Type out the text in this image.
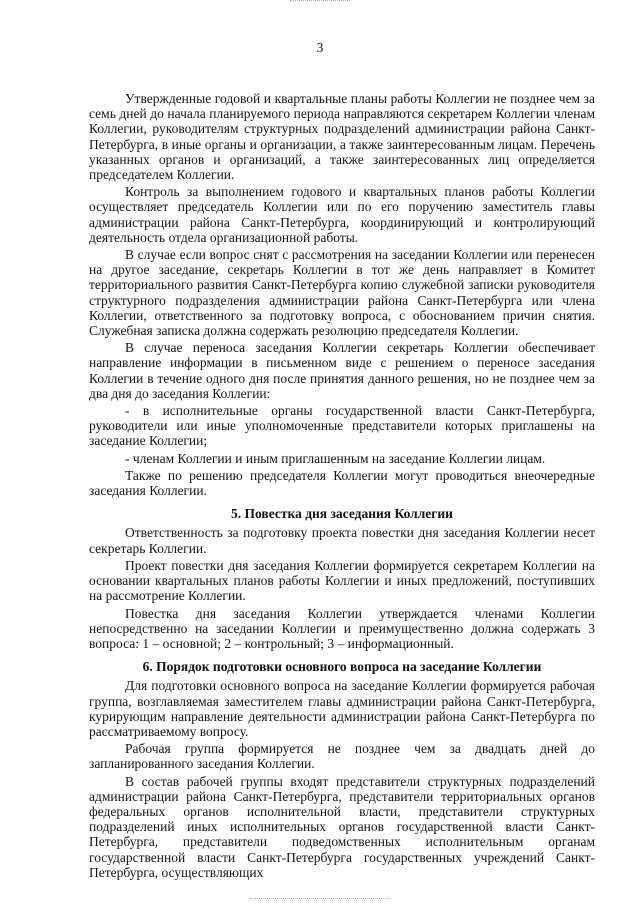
3

Утвержденные годовой и квартальные планы работы Коллегии не позднее чем за семь дней до начала планируемого периода направляются секретарем Коллегии членам Коллегии, руководителям структурных подразделений администрации района Санкт-Петербурга, в иные органы и организации, а также заинтересованным лицам. Перечень указанных органов и организаций, а также заинтересованных лиц определяется председателем Коллегии.

Контроль за выполнением годового и квартальных планов работы Коллегии осуществляет председатель Коллегии или по его поручению заместитель главы администрации района Санкт-Петербурга, координирующий и контролирующий деятельность отдела организационной работы.

В случае если вопрос снят с рассмотрения на заседании Коллегии или перенесен на другое заседание, секретарь Коллегии в тот же день направляет в Комитет территориального развития Санкт-Петербурга копию служебной записки руководителя структурного подразделения администрации района Санкт-Петербурга или члена Коллегии, ответственного за подготовку вопроса, с обоснованием причин снятия. Служебная записка должна содержать резолюцию председателя Коллегии.

В случае переноса заседания Коллегии секретарь Коллегии обеспечивает направление информации в письменном виде с решением о переносе заседания Коллегии в течение одного дня после принятия данного решения, но не позднее чем за два дня до заседания Коллегии:

- в исполнительные органы государственной власти Санкт-Петербурга, руководители или иные уполномоченные представители которых приглашены на заседание Коллегии;

- членам Коллегии и иным приглашенным на заседание Коллегии лицам.

Также по решению председателя Коллегии могут проводиться внеочередные заседания Коллегии.

5. Повестка дня заседания Коллегии

Ответственность за подготовку проекта повестки дня заседания Коллегии несет секретарь Коллегии.

Проект повестки дня заседания Коллегии формируется секретарем Коллегии на основании квартальных планов работы Коллегии и иных предложений, поступивших на рассмотрение Коллегии.

Повестка дня заседания Коллегии утверждается членами Коллегии непосредственно на заседании Коллегии и преимущественно должна содержать 3 вопроса: 1 – основной; 2 – контрольный; 3 – информационный.

6. Порядок подготовки основного вопроса на заседание Коллегии

Для подготовки основного вопроса на заседание Коллегии формируется рабочая группа, возглавляемая заместителем главы администрации района Санкт-Петербурга, курирующим направление деятельности администрации района Санкт-Петербурга по рассматриваемому вопросу.

Рабочая группа формируется не позднее чем за двадцать дней до запланированного заседания Коллегии.

В состав рабочей группы входят представители структурных подразделений администрации района Санкт-Петербурга, представители территориальных органов федеральных органов исполнительной власти, представители структурных подразделений иных исполнительных органов государственной власти Санкт-Петербурга, представители подведомственных исполнительным органам государственной власти Санкт-Петербурга государственных учреждений Санкт-Петербурга, осуществляющих
